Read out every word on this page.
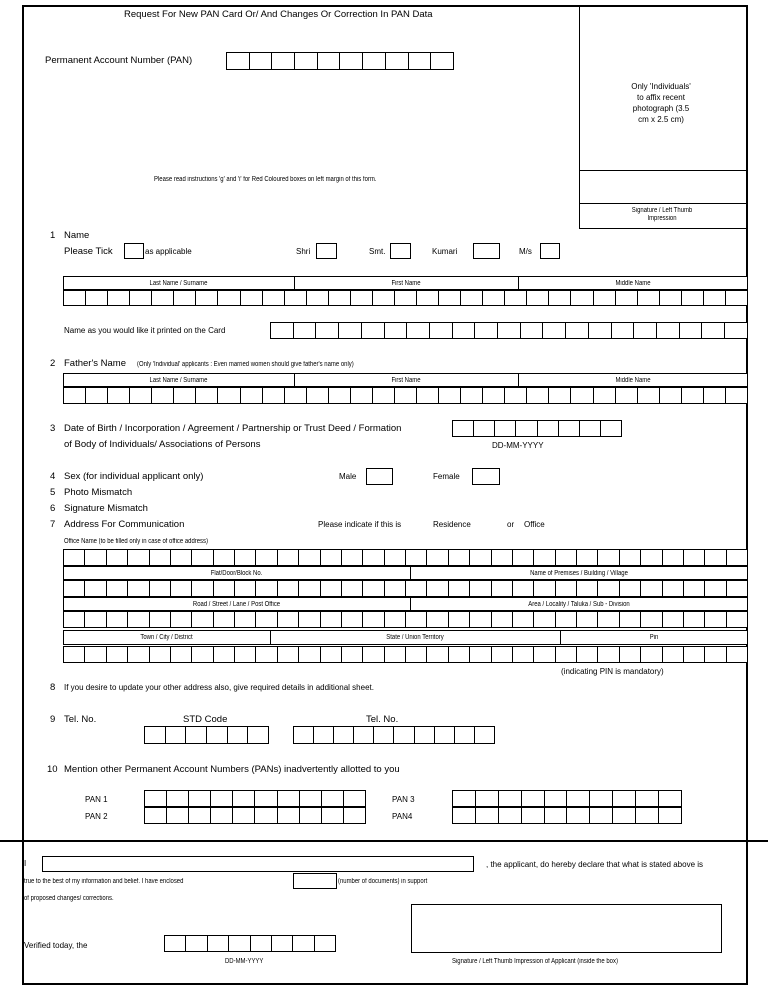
Request For New PAN Card Or/ And Changes Or Correction In PAN Data
Permanent Account Number (PAN)
Only 'Individuals'
to affix recent
photograph (3.5
cm x 2.5 cm)
Signature / Left Thumb
Impression
Please read instructions 'g' and 'i' for Red Coloured boxes on left margin of this form.
1 Name
Please Tick	as applicable	Shri	Smt.	Kumari	M/s
Last Name / Surname	First Name	Middle Name
Name as you would like it printed on the Card
2 Father's Name (Only 'Individual' applicants : Even married women should give father's name only)
Last Name / Surname	First Name	Middle Name
3 Date of Birth / Incorporation / Agreement / Partnership or Trust Deed / Formation
of Body of Individuals/ Associations of Persons	DD-MM-YYYY
4 Sex (for individual applicant only)	Male	Female
5 Photo Mismatch
6 Signature Mismatch
7 Address For Communication	Please indicate if this is	Residence	or Office
Office Name (to be filled only in case of office address)
Flat/Door/Block No.	Name of Premises / Building / Village
Road / Street / Lane / Post Office	Area / Locality / Taluka / Sub - Division
Town / City / District	State / Union Territory	Pin
(indicating PIN is mandatory)
8 If you desire to update your other address also, give required details in additional sheet.
9 Tel. No.	STD Code	Tel. No.
10 Mention other Permanent Account Numbers (PANs) inadvertently allotted to you
PAN 1
PAN 2
PAN 3
PAN4
I	, the applicant, do hereby declare that what is stated above is
true to the best of my information and belief. I have enclosed	(number of documents) in support
of proposed changes/ corrections.
Verified today, the
DD-MM-YYYY	Signature / Left Thumb Impression of Applicant (inside the box)
